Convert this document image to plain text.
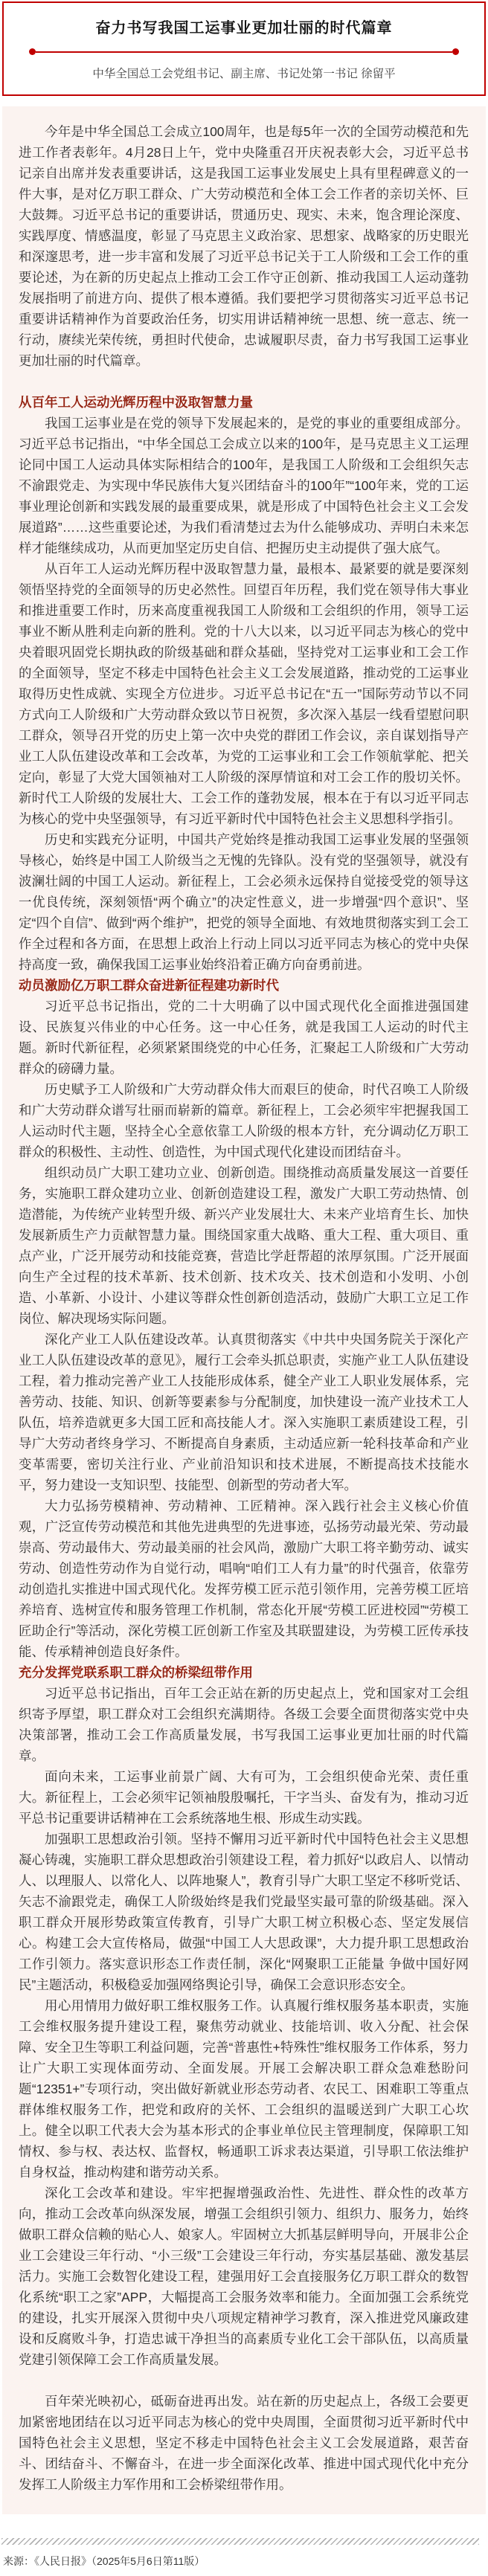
奋力书写我国工运事业更加壮丽的时代篇章

中华全国总工会党组书记、副主席、书记处第一书记 徐留平

今年是中华全国总工会成立100周年，也是每5年一次的全国劳动模范和先进工作者表彰年。4月28日上午，党中央隆重召开庆祝表彰大会，习近平总书记亲自出席并发表重要讲话，这是我国工运事业发展史上具有里程碑意义的一件大事，是对亿万职工群众、广大劳动模范和全体工会工作者的亲切关怀、巨大鼓舞。习近平总书记的重要讲话，贯通历史、现实、未来，饱含理论深度、实践厚度、情感温度，彰显了马克思主义政治家、思想家、战略家的历史眼光和深邃思考，进一步丰富和发展了习近平总书记关于工人阶级和工会工作的重要论述，为在新的历史起点上推动工会工作守正创新、推动我国工人运动蓬勃发展指明了前进方向、提供了根本遵循。我们要把学习贯彻落实习近平总书记重要讲话精神作为首要政治任务，切实用讲话精神统一思想、统一意志、统一行动，赓续光荣传统，勇担时代使命，忠诚履职尽责，奋力书写我国工运事业更加壮丽的时代篇章。

从百年工人运动光辉历程中汲取智慧力量

我国工运事业是在党的领导下发展起来的，是党的事业的重要组成部分。习近平总书记指出，“中华全国总工会成立以来的100年，是马克思主义工运理论同中国工人运动具体实际相结合的100年，是我国工人阶级和工会组织矢志不渝跟党走、为实现中华民族伟大复兴团结奋斗的100年”“100年来，党的工运事业理论创新和实践发展的最重要成果，就是形成了中国特色社会主义工会发展道路”……这些重要论述，为我们看清楚过去为什么能够成功、弄明白未来怎样才能继续成功，从而更加坚定历史自信、把握历史主动提供了强大底气。

从百年工人运动光辉历程中汲取智慧力量，最根本、最紧要的就是要深刻领悟坚持党的全面领导的历史必然性。回望百年历程，我们党在领导伟大事业和推进重要工作时，历来高度重视我国工人阶级和工会组织的作用，领导工运事业不断从胜利走向新的胜利。党的十八大以来，以习近平同志为核心的党中央着眼巩固党长期执政的阶级基础和群众基础，坚持党对工运事业和工会工作的全面领导，坚定不移走中国特色社会主义工会发展道路，推动党的工运事业取得历史性成就、实现全方位进步。习近平总书记在“五一”国际劳动节以不同方式向工人阶级和广大劳动群众致以节日祝贺，多次深入基层一线看望慰问职工群众，领导召开党的历史上第一次中央党的群团工作会议，亲自谋划指导产业工人队伍建设改革和工会改革，为党的工运事业和工会工作领航掌舵、把关定向，彰显了大党大国领袖对工人阶级的深厚情谊和对工会工作的殷切关怀。新时代工人阶级的发展壮大、工会工作的蓬勃发展，根本在于有以习近平同志为核心的党中央坚强领导，有习近平新时代中国特色社会主义思想科学指引。

历史和实践充分证明，中国共产党始终是推动我国工运事业发展的坚强领导核心，始终是中国工人阶级当之无愧的先锋队。没有党的坚强领导，就没有波澜壮阔的中国工人运动。新征程上，工会必须永远保持自觉接受党的领导这一优良传统，深刻领悟“两个确立”的决定性意义，进一步增强“四个意识”、坚定“四个自信”、做到“两个维护”，把党的领导全面地、有效地贯彻落实到工会工作全过程和各方面，在思想上政治上行动上同以习近平同志为核心的党中央保持高度一致，确保我国工运事业始终沿着正确方向奋勇前进。

动员激励亿万职工群众奋进新征程建功新时代

习近平总书记指出，党的二十大明确了以中国式现代化全面推进强国建设、民族复兴伟业的中心任务。这一中心任务，就是我国工人运动的时代主题。新时代新征程，必须紧紧围绕党的中心任务，汇聚起工人阶级和广大劳动群众的磅礴力量。

历史赋予工人阶级和广大劳动群众伟大而艰巨的使命，时代召唤工人阶级和广大劳动群众谱写壮丽而崭新的篇章。新征程上，工会必须牢牢把握我国工人运动时代主题，坚持全心全意依靠工人阶级的根本方针，充分调动亿万职工群众的积极性、主动性、创造性，为中国式现代化建设而团结奋斗。

组织动员广大职工建功立业、创新创造。围绕推动高质量发展这一首要任务，实施职工群众建功立业、创新创造建设工程，激发广大职工劳动热情、创造潜能，为传统产业转型升级、新兴产业发展壮大、未来产业培育生长、加快发展新质生产力贡献智慧力量。围绕国家重大战略、重大工程、重大项目、重点产业，广泛开展劳动和技能竞赛，营造比学赶帮超的浓厚氛围。广泛开展面向生产全过程的技术革新、技术创新、技术攻关、技术创造和小发明、小创造、小革新、小设计、小建议等群众性创新创造活动，鼓励广大职工立足工作岗位、解决现场实际问题。

深化产业工人队伍建设改革。认真贯彻落实《中共中央国务院关于深化产业工人队伍建设改革的意见》，履行工会牵头抓总职责，实施产业工人队伍建设工程，着力推动完善产业工人技能形成体系，健全产业工人职业发展体系，完善劳动、技能、知识、创新等要素参与分配制度，加快建设一流产业技术工人队伍，培养造就更多大国工匠和高技能人才。深入实施职工素质建设工程，引导广大劳动者终身学习、不断提高自身素质，主动适应新一轮科技革命和产业变革需要，密切关注行业、产业前沿知识和技术进展，不断提高技术技能水平，努力建设一支知识型、技能型、创新型的劳动者大军。

大力弘扬劳模精神、劳动精神、工匠精神。深入践行社会主义核心价值观，广泛宣传劳动模范和其他先进典型的先进事迹，弘扬劳动最光荣、劳动最崇高、劳动最伟大、劳动最美丽的社会风尚，激励广大职工将辛勤劳动、诚实劳动、创造性劳动作为自觉行动，唱响“咱们工人有力量”的时代强音，依靠劳动创造扎实推进中国式现代化。发挥劳模工匠示范引领作用，完善劳模工匠培养培育、选树宣传和服务管理工作机制，常态化开展“劳模工匠进校园”“劳模工匠助企行”等活动，深化劳模工匠创新工作室及其联盟建设，为劳模工匠传承技能、传承精神创造良好条件。

充分发挥党联系职工群众的桥梁纽带作用

习近平总书记指出，百年工会正站在新的历史起点上，党和国家对工会组织寄予厚望，职工群众对工会组织充满期待。各级工会要全面贯彻落实党中央决策部署，推动工会工作高质量发展，书写我国工运事业更加壮丽的时代篇章。

面向未来，工运事业前景广阔、大有可为，工会组织使命光荣、责任重大。新征程上，工会必须牢记领袖殷殷嘱托，干字当头、奋发有为，推动习近平总书记重要讲话精神在工会系统落地生根、形成生动实践。

加强职工思想政治引领。坚持不懈用习近平新时代中国特色社会主义思想凝心铸魂，实施职工群众思想政治引领建设工程，着力抓好“以政启人、以情动人、以理服人、以常化人、以阵地聚人”，教育引导广大职工坚定不移听党话、矢志不渝跟党走，确保工人阶级始终是我们党最坚实最可靠的阶级基础。深入职工群众开展形势政策宣传教育，引导广大职工树立积极心态、坚定发展信心。构建工会大宣传格局，做强“中国工人大思政课”，大力提升职工思想政治工作引领力。落实意识形态工作责任制，深化“网聚职工正能量 争做中国好网民”主题活动，积极稳妥加强网络舆论引导，确保工会意识形态安全。

用心用情用力做好职工维权服务工作。认真履行维权服务基本职责，实施工会维权服务提升建设工程，聚焦劳动就业、技能培训、收入分配、社会保障、安全卫生等职工利益问题，完善“普惠性+特殊性”维权服务工作体系，努力让广大职工实现体面劳动、全面发展。开展工会解决职工群众急难愁盼问题“12351+”专项行动，突出做好新就业形态劳动者、农民工、困难职工等重点群体维权服务工作，把党和政府的关怀、工会组织的温暖送到广大职工心坎上。健全以职工代表大会为基本形式的企事业单位民主管理制度，保障职工知情权、参与权、表达权、监督权，畅通职工诉求表达渠道，引导职工依法维护自身权益，推动构建和谐劳动关系。

深化工会改革和建设。牢牢把握增强政治性、先进性、群众性的改革方向，推动工会改革向纵深发展，增强工会组织引领力、组织力、服务力，始终做职工群众信赖的贴心人、娘家人。牢固树立大抓基层鲜明导向，开展非公企业工会建设三年行动、“小三级”工会建设三年行动，夯实基层基础、激发基层活力。实施工会数智化建设工程，建强用好工会直接服务亿万职工群众的数智化系统“职工之家”APP，大幅提高工会服务效率和能力。全面加强工会系统党的建设，扎实开展深入贯彻中央八项规定精神学习教育，深入推进党风廉政建设和反腐败斗争，打造忠诚干净担当的高素质专业化工会干部队伍，以高质量党建引领保障工会工作高质量发展。

百年荣光映初心，砥砺奋进再出发。站在新的历史起点上，各级工会要更加紧密地团结在以习近平同志为核心的党中央周围，全面贯彻习近平新时代中国特色社会主义思想，坚定不移走中国特色社会主义工会发展道路，艰苦奋斗、团结奋斗、不懈奋斗，在进一步全面深化改革、推进中国式现代化中充分发挥工人阶级主力军作用和工会桥梁纽带作用。

来源：《人民日报》（2025年5月6日第11版）
